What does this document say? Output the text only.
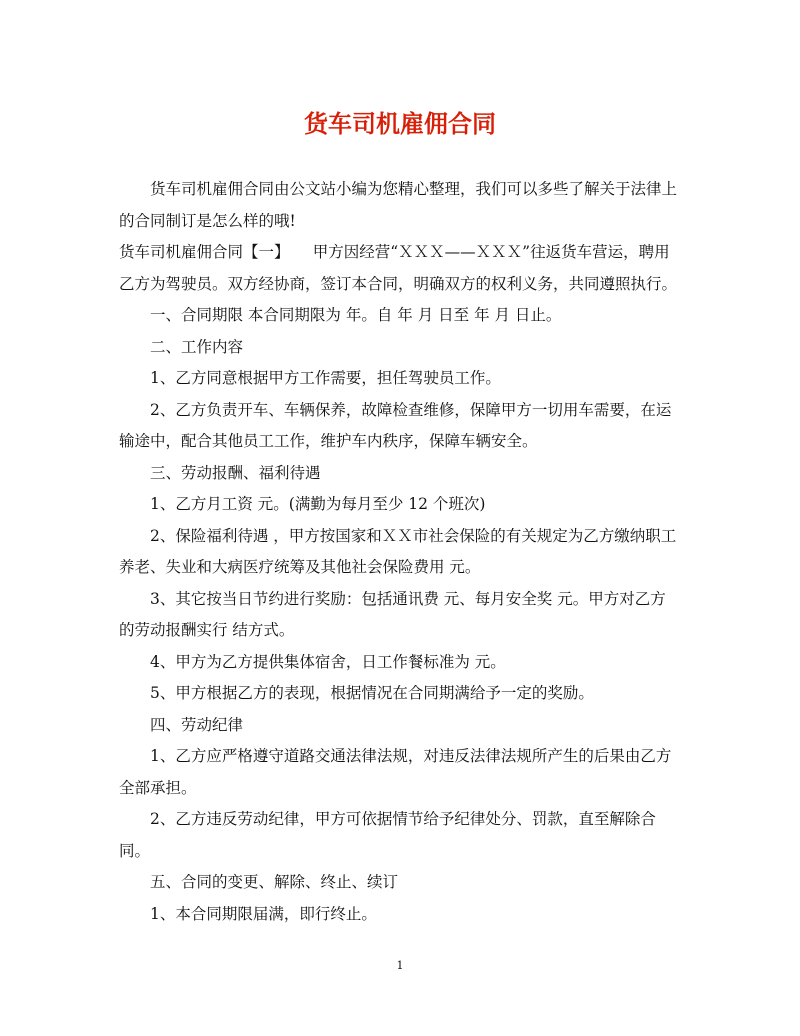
货车司机雇佣合同

货车司机雇佣合同由公文站小编为您精心整理，我们可以多些了解关于法律上的合同制订是怎么样的哦!

货车司机雇佣合同【一】　　甲方因经营“ＸＸＸ——ＸＸＸ”往返货车营运，聘用乙方为驾驶员。双方经协商，签订本合同，明确双方的权利义务，共同遵照执行。

一、合同期限 本合同期限为 年。自 年 月 日至 年 月 日止。

二、工作内容

1、乙方同意根据甲方工作需要，担任驾驶员工作。

2、乙方负责开车、车辆保养，故障检查维修，保障甲方一切用车需要，在运输途中，配合其他员工工作，维护车内秩序，保障车辆安全。

三、劳动报酬、福利待遇

1、乙方月工资 元。(满勤为每月至少 12 个班次)

2、保险福利待遇 ，甲方按国家和ＸＸ市社会保险的有关规定为乙方缴纳职工养老、失业和大病医疗统筹及其他社会保险费用 元。

3、其它按当日节约进行奖励：包括通讯费 元、每月安全奖 元。甲方对乙方的劳动报酬实行 结方式。

4、甲方为乙方提供集体宿舍，日工作餐标准为 元。

5、甲方根据乙方的表现，根据情况在合同期满给予一定的奖励。

四、劳动纪律

1、乙方应严格遵守道路交通法律法规，对违反法律法规所产生的后果由乙方全部承担。

2、乙方违反劳动纪律，甲方可依据情节给予纪律处分、罚款，直至解除合同。

五、合同的变更、解除、终止、续订

1、本合同期限届满，即行终止。

1
